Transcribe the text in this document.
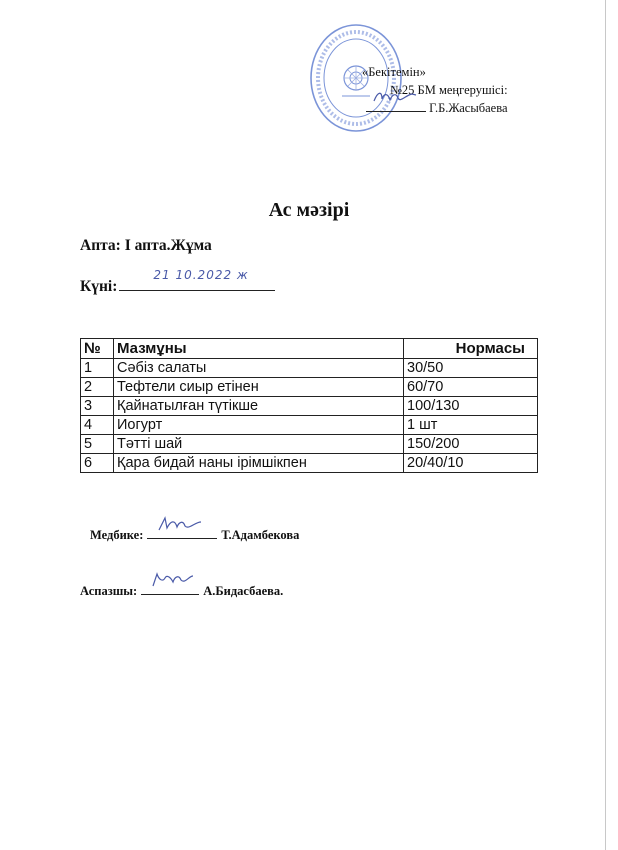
«Бекітемін»
№25 БМ меңгерушісі:
Г.Б.Жасыбаева
Ас мәзірі
Апта: I апта.Жұма
Күні:
21 10.2022 ж
№	Мазмұны	Нормасы
1	Сәбіз салаты	30/50
2	Тефтели сиыр етінен	60/70
3	Қайнатылған түтікше	100/130
4	Иогурт	1 шт
5	Тәтті шай	150/200
6	Қара бидай наны ірімшікпен	20/40/10
Медбике:	Т.Адамбекова
Аспазшы:	А.Бидасбаева.
